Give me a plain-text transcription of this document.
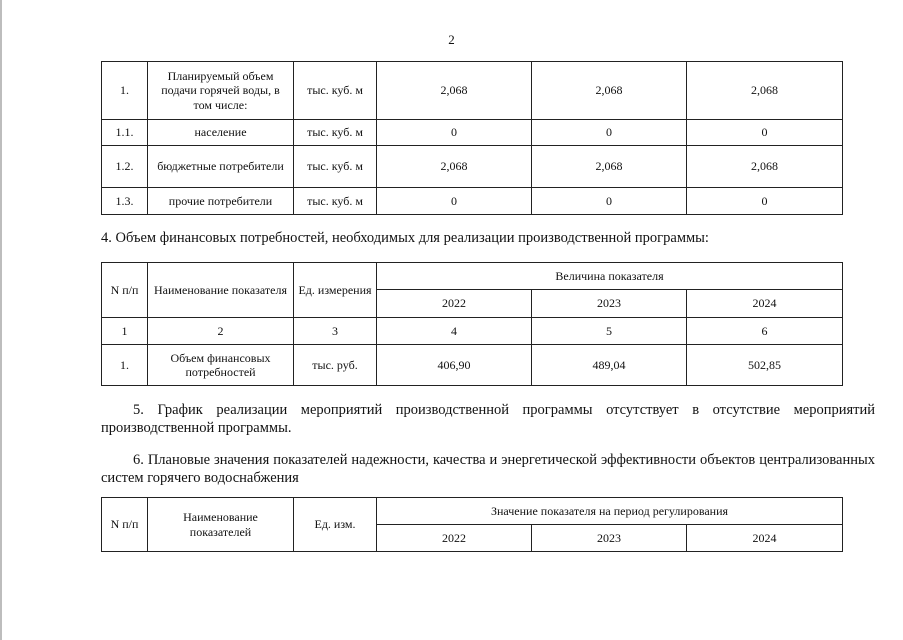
2
1.	Планируемый объем подачи горячей воды, в том числе:	тыс. куб. м	2,068	2,068	2,068
1.1.	население	тыс. куб. м	0	0	0
1.2.	бюджетные потребители	тыс. куб. м	2,068	2,068	2,068
1.3.	прочие потребители	тыс. куб. м	0	0	0
4. Объем финансовых потребностей, необходимых для реализации производственной программы:
N п/п	Наименование показателя	Ед. измерения	Величина показателя		
			2022	2023	2024
1	2	3	4	5	6
1.	Объем финансовых потребностей	тыс. руб.	406,90	489,04	502,85
5. График реализации мероприятий производственной программы отсутствует в отсутствие мероприятий производственной программы.
6. Плановые значения показателей надежности, качества и энергетической эффективности объектов централизованных систем горячего водоснабжения
N п/п	Наименование показателей	Ед. изм.	Значение показателя на период регулирования		
			2022	2023	2024
